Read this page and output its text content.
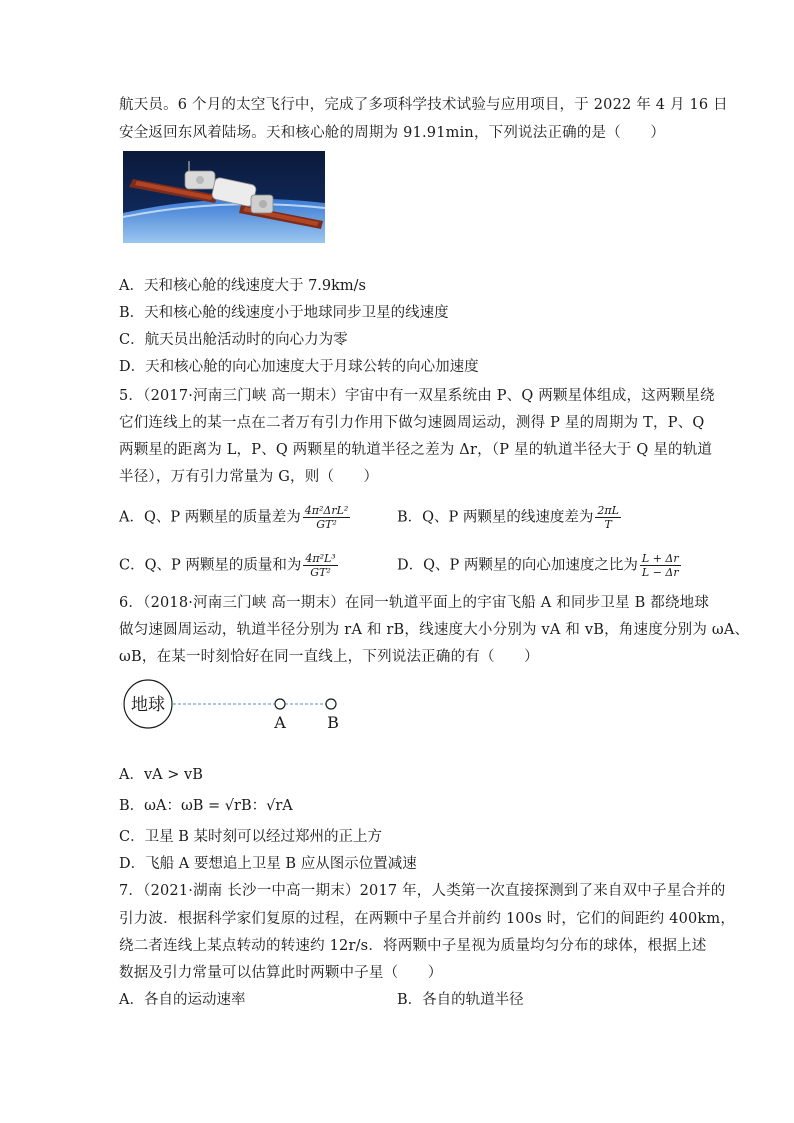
航天员。6 个月的太空飞行中，完成了多项科学技术试验与应用项目，于 2022 年 4 月 16 日
安全返回东风着陆场。天和核心舱的周期为 91.91min，下列说法正确的是（　　）
A．天和核心舱的线速度大于 7.9km/s
B．天和核心舱的线速度小于地球同步卫星的线速度
C．航天员出舱活动时的向心力为零
D．天和核心舱的向心加速度大于月球公转的向心加速度
5．（2017·河南三门峡 高一期末）宇宙中有一双星系统由 P、Q 两颗星体组成，这两颗星绕
它们连线上的某一点在二者万有引力作用下做匀速圆周运动，测得 P 星的周期为 T，P、Q
两颗星的距离为 L，P、Q 两颗星的轨道半径之差为 Δr，（P 星的轨道半径大于 Q 星的轨道
半径），万有引力常量为 G，则（　　）
A．Q、P 两颗星的质量差为 $\frac{\text{4π²ΔrL²}}{\text{GT²}}$	B．Q、P 两颗星的线速度差为 $\frac{2\pi L}{T}$
C．Q、P 两颗星的质量和为 $\frac{\text{4π²L³}}{\text{GT²}}$	D．Q、P 两颗星的向心加速度之比为 $\frac{L + \Delta r}{L - \Delta r}$
6．（2018·河南三门峡 高一期末）在同一轨道平面上的宇宙飞船 A 和同步卫星 B 都绕地球
做匀速圆周运动，轨道半径分别为 rA 和 rB，线速度大小分别为 vA 和 vB，角速度分别为 ωA、
ωB，在某一时刻恰好在同一直线上，下列说法正确的有（　　）
地球
A	B
A．vA > vB
B．ωA：ωB = √rB：√rA
C．卫星 B 某时刻可以经过郑州的正上方
D．飞船 A 要想追上卫星 B 应从图示位置减速
7．（2021·湖南 长沙一中高一期末）2017 年，人类第一次直接探测到了来自双中子星合并的
引力波．根据科学家们复原的过程，在两颗中子星合并前约 100s 时，它们的间距约 400km，
绕二者连线上某点转动的转速约 12r/s．将两颗中子星视为质量均匀分布的球体，根据上述
数据及引力常量可以估算此时两颗中子星（　　）
A．各自的运动速率	B．各自的轨道半径
